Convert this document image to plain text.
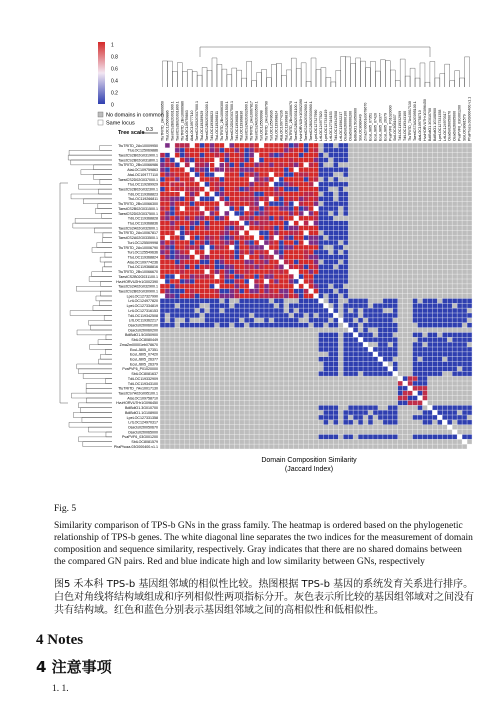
1
0.8
0.6
0.4
0.2
0
No domains in common
Same locus
Tree scale 0.3
TtuTRITD_2Av10009950
TtuLOC125069886
TaestCS2B02G031900.1
TaestCS2B02G031800.1
TtuTRITD_2Bv10066986
AtaLOC109759863
AtaLOC109777110
TaestCS2D02G037000.1
TtuLOC119289929
TaestCS2B02G032300.1
TdiLOC119368823
TtuLOC119266811
TtuTRITD_2Bv10066300
TaestCS2B02G031500.1
TaestCS2D02G037500.1
TdiLOC119368828
TtuLOC119368836
TaestCS2A02G032600.1
TtuTRITD_2Av10067817
TaestCS2A02G033500.1
TurLOC125509998
TtuTRITD_2Av10006790
TurLOC125549636
TtuLOC119368824
AtaLOC109774236
TtuLOC119368816
TtuTRITD_2Bv10066670
TaestCS2B02G031100.1
HvuHORVU2Hr1G002390
TaestCS2A02G032900.1
TaestCS2B02G030900.1
LpeLOC127327990
LrtLOC124977820
LpeLOC127334819
LrtLOC127316153
TdiLOC119342508
LrtLOC119362217
OsaOs02t0060100
OsaOs02t0060200
BdiBdiO1.5G050900
SbiLOC8080449
ZmaZm00001eb078670
EcuLJ805_07351
EcuLJ805_07420
EcuLJ805_26377
EcuLJ805_26379
PvaPVF6_P01020000
SbiLOC8081637
TdiLOC119332909
TdiLOC119343100
TtuTRITD_7Av10017130
TaestCS7A02G095100.1
AtaLOC109758710
HvuHORVU7Hr1G096450
BdiBdiO1.3G010700
BdiBdiO1.1G108900
LpeLOC127331358
LrtLOC124970317
OsaOs02t0050670
OsaOs02t0065000
PvaPVF6_03G001200
SbiLOC8081579
PhaPhoza.03G000400.v1.1
TtuTRITD_2Av10009950 TtuLOC125069886 TaestCS2B02G031900.1 TaestCS2B02G031800.1 TtuTRITD_2Bv10066986 AtaLOC109759863 AtaLOC109777110 TaestCS2D02G037000.1 TtuLOC119289929 TaestCS2B02G032300.1 TdiLOC119368823 TtuLOC119266811 TtuTRITD_2Bv10066300 TaestCS2B02G031500.1 TaestCS2D02G037500.1 TdiLOC119368828 TtuLOC119368836 TaestCS2A02G032600.1 TtuTRITD_2Av10067817 TaestCS2A02G033500.1 TurLOC125509998 TtuTRITD_2Av10006790 TurLOC125549636 TtuLOC119368824 AtaLOC109774236 TtuLOC119368816 TtuTRITD_2Bv10066670 TaestCS2B02G031100.1 HvuHORVU2Hr1G002390 TaestCS2A02G032900.1 TaestCS2B02G030900.1 LpeLOC127327990 LrtLOC124977820 LpeLOC127334819 LrtLOC127316153 TdiLOC119342508 LrtLOC119362217 OsaOs02t0060100 OsaOs02t0060200 BdiBdiO1.5G050900 SbiLOC8080449 ZmaZm00001eb078670 EcuLJ805_07351 EcuLJ805_07420 EcuLJ805_26377 EcuLJ805_26379 PvaPVF6_P01020000 SbiLOC8081637 TdiLOC119332909 TdiLOC119343100 TtuTRITD_7Av10017130 TaestCS7A02G095100.1 AtaLOC109758710 HvuHORVU7Hr1G096450 BdiBdiO1.3G010700 BdiBdiO1.1G108900 LpeLOC127331358 LrtLOC124970317 OsaOs02t0050670 OsaOs02t0065000 PvaPVF6_03G001200 SbiLOC8081579 PhaPhoza.03G000400.v1.1
Domain Composition Similarity
(Jaccard Index)
Fig. 5

Similarity comparison of TPS-b GNs in the grass family. The heatmap is ordered based on the phylogenetic relationship of TPS-b genes. The white diagonal line separates the two indices for the measurement of domain composition and sequence similarity, respectively. Gray indicates that there are no shared domains between the compared GN pairs. Red and blue indicate high and low similarity between GNs, respectively

图5 禾本科 TPS-b 基因组邻域的相似性比较。热图根据 TPS-b 基因的系统发育关系进行排序。白色对角线将结构域组成和序列相似性两项指标分开。灰色表示所比较的基因组邻域对之间没有共有结构域。红色和蓝色分别表示基因组邻域之间的高相似性和低相似性。

4 Notes
4 注意事项

1. 1.
